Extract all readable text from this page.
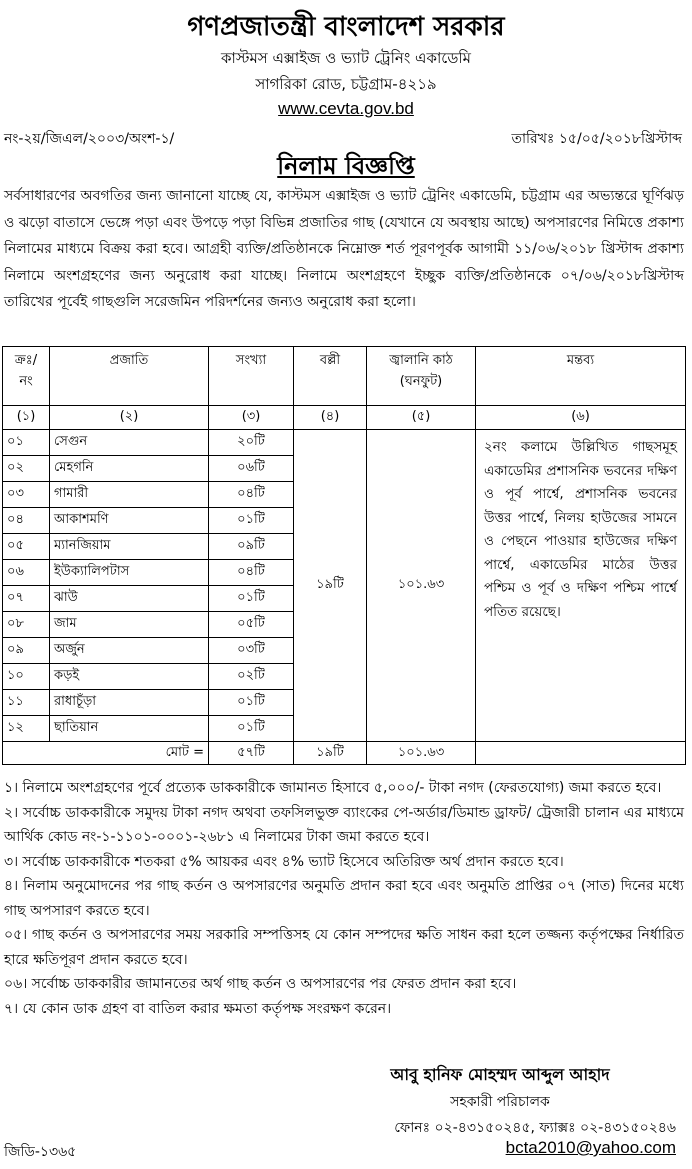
গণপ্রজাতন্ত্রী বাংলাদেশ সরকার
কাস্টমস এক্সাইজ ও ভ্যাট ট্রেনিং একাডেমি
সাগরিকা রোড, চট্টগ্রাম-৪২১৯
www.cevta.gov.bd
নং-২য়/জিএল/২০০৩/অংশ-১/	তারিখঃ ১৫/০৫/২০১৮খ্রিস্টাব্দ
নিলাম বিজ্ঞপ্তি
সর্বসাধারণের অবগতির জন্য জানানো যাচ্ছে যে, কাস্টমস এক্সাইজ ও ভ্যাট ট্রেনিং একাডেমি, চট্টগ্রাম এর অভ্যন্তরে ঘূর্ণিঝড় ও ঝড়ো বাতাসে ভেঙ্গে পড়া এবং উপড়ে পড়া বিভিন্ন প্রজাতির গাছ (যেখানে যে অবস্থায় আছে) অপসারণের নিমিত্তে প্রকাশ্য নিলামের মাধ্যমে বিক্রয় করা হবে। আগ্রহী ব্যক্তি/প্রতিষ্ঠানকে নিম্নোক্ত শর্ত পূরণপূর্বক আগামী ১১/০৬/২০১৮ খ্রিস্টাব্দ প্রকাশ্য নিলামে অংশগ্রহণের জন্য অনুরোধ করা যাচ্ছে। নিলামে অংশগ্রহণে ইচ্ছুক ব্যক্তি/প্রতিষ্ঠানকে ০৭/০৬/২০১৮খ্রিস্টাব্দ তারিখের পূর্বেই গাছগুলি সরেজমিন পরিদর্শনের জন্যও অনুরোধ করা হলো।
ক্রঃ/ নং	প্রজাতি	সংখ্যা	বল্লী	জ্বালানি কাঠ (ঘনফুট)	মন্তব্য
(১)	(২)	(৩)	(৪)	(৫)	(৬)
০১	সেগুন	২০টি	১৯টি	১০১.৬৩	২নং কলামে উল্লিখিত গাছসমূহ একাডেমির প্রশাসনিক ভবনের দক্ষিণ ও পূর্ব পার্শ্বে, প্রশাসনিক ভবনের উত্তর পার্শ্বে, নিলয় হাউজের সামনে ও পেছনে পাওয়ার হাউজের দক্ষিণ পার্শ্বে, একাডেমির মাঠের উত্তর পশ্চিম ও পূর্ব ও দক্ষিণ পশ্চিম পার্শ্বে পতিত রয়েছে।
০২	মেহগনি	০৬টি			
০৩	গামারী	০৪টি			
০৪	আকাশমণি	০১টি			
০৫	ম্যানজিয়াম	০৯টি			
০৬	ইউক্যালিপটাস	০৪টি			
০৭	ঝাউ	০১টি			
০৮	জাম	০৫টি			
০৯	অর্জুন	০৩টি			
১০	কড়ই	০২টি			
১১	রাধাচূঁড়া	০১টি			
১২	ছাতিয়ান	০১টি			
মোট =		৫৭টি	১৯টি	১০১.৬৩	

১। নিলামে অংশগ্রহণের পূর্বে প্রত্যেক ডাককারীকে জামানত হিসাবে ৫,০০০/- টাকা নগদ (ফেরতযোগ্য) জমা করতে হবে।

২। সর্বোচ্চ ডাককারীকে সমুদয় টাকা নগদ অথবা তফসিলভুক্ত ব্যাংকের পে-অর্ডার/ডিমান্ড ড্রাফট/ ট্রেজারী চালান এর মাধ্যমে আর্থিক কোড নং-১-১১০১-০০০১-২৬৮১ এ নিলামের টাকা জমা করতে হবে।

৩। সর্বোচ্চ ডাককারীকে শতকরা ৫% আয়কর এবং ৪% ভ্যাট হিসেবে অতিরিক্ত অর্থ প্রদান করতে হবে।

৪। নিলাম অনুমোদনের পর গাছ কর্তন ও অপসারণের অনুমতি প্রদান করা হবে এবং অনুমতি প্রাপ্তির ০৭ (সাত) দিনের মধ্যে গাছ অপসারণ করতে হবে।

০৫। গাছ কর্তন ও অপসারণের সময় সরকারি সম্পত্তিসহ যে কোন সম্পদের ক্ষতি সাধন করা হলে তজ্জন্য কর্তৃপক্ষের নির্ধারিত হারে ক্ষতিপূরণ প্রদান করতে হবে।

০৬। সর্বোচ্চ ডাককারীর জামানতের অর্থ গাছ কর্তন ও অপসারণের পর ফেরত প্রদান করা হবে।

৭। যে কোন ডাক গ্রহণ বা বাতিল করার ক্ষমতা কর্তৃপক্ষ সংরক্ষণ করেন।

আবু হানিফ মোহম্মদ আব্দুল আহাদ
সহকারী পরিচালক
ফোনঃ ০২-৪৩১৫০২৪৫, ফ্যাক্সঃ ০২-৪৩১৫০২৪৬
জিডি-১৩৬৫	bcta2010@yahoo.com
